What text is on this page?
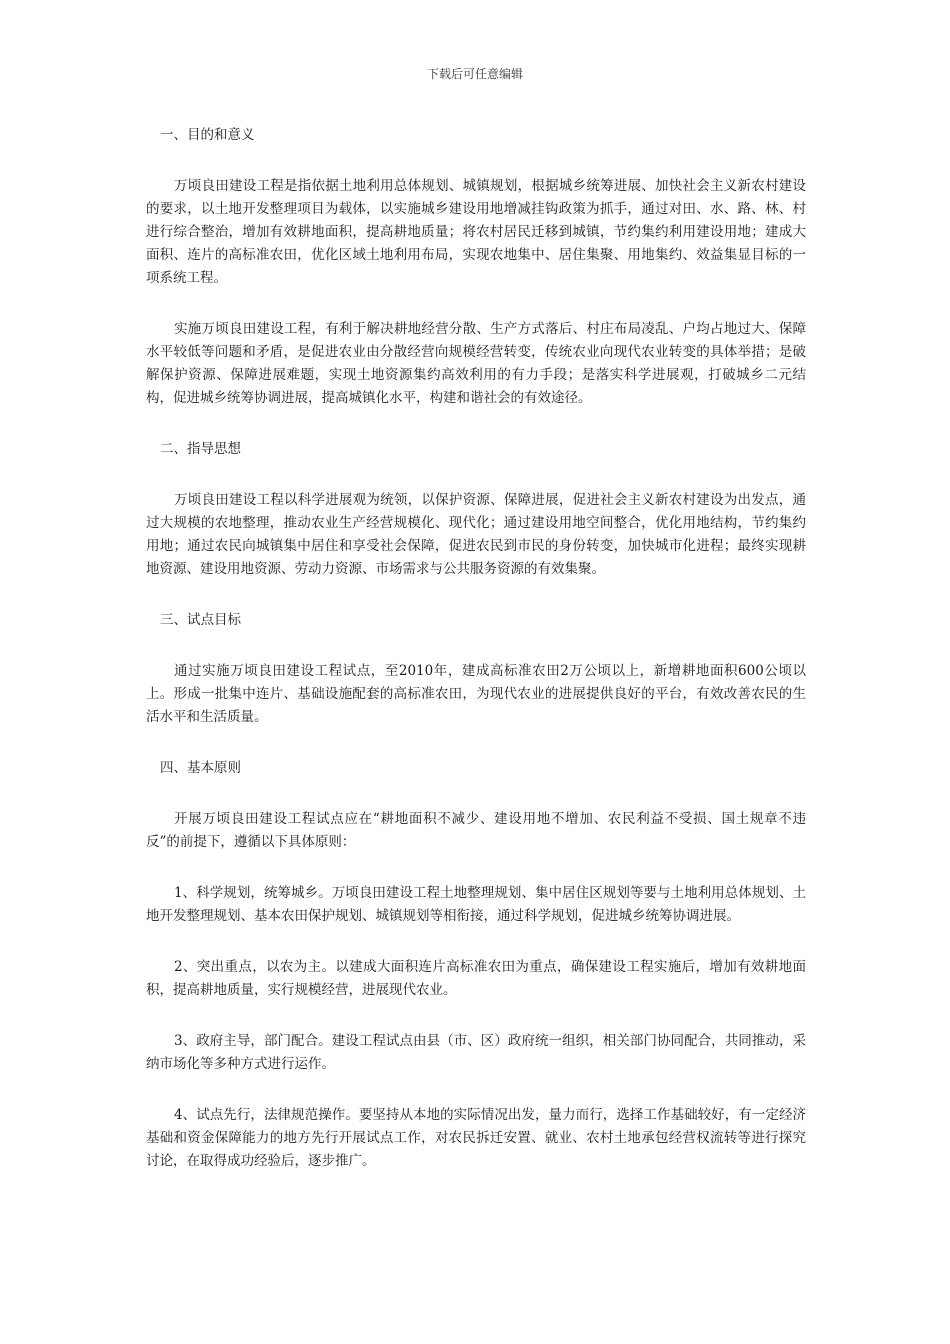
下载后可任意编辑
一、目的和意义

万顷良田建设工程是指依据土地利用总体规划、城镇规划，根据城乡统筹进展、加快社会主义新农村建设的要求，以土地开发整理项目为载体，以实施城乡建设用地增减挂钩政策为抓手，通过对田、水、路、林、村进行综合整治，增加有效耕地面积，提高耕地质量；将农村居民迁移到城镇，节约集约利用建设用地；建成大面积、连片的高标准农田，优化区域土地利用布局，实现农地集中、居住集聚、用地集约、效益集显目标的一项系统工程。

实施万顷良田建设工程，有利于解决耕地经营分散、生产方式落后、村庄布局凌乱、户均占地过大、保障水平较低等问题和矛盾，是促进农业由分散经营向规模经营转变，传统农业向现代农业转变的具体举措；是破解保护资源、保障进展难题，实现土地资源集约高效利用的有力手段；是落实科学进展观，打破城乡二元结构，促进城乡统筹协调进展，提高城镇化水平，构建和谐社会的有效途径。

二、指导思想

万顷良田建设工程以科学进展观为统领，以保护资源、保障进展，促进社会主义新农村建设为出发点，通过大规模的农地整理，推动农业生产经营规模化、现代化；通过建设用地空间整合，优化用地结构，节约集约用地；通过农民向城镇集中居住和享受社会保障，促进农民到市民的身份转变，加快城市化进程；最终实现耕地资源、建设用地资源、劳动力资源、市场需求与公共服务资源的有效集聚。

三、试点目标

通过实施万顷良田建设工程试点，至2010年，建成高标准农田2万公顷以上，新增耕地面积600公顷以上。形成一批集中连片、基础设施配套的高标准农田，为现代农业的进展提供良好的平台，有效改善农民的生活水平和生活质量。

四、基本原则

开展万顷良田建设工程试点应在“耕地面积不减少、建设用地不增加、农民利益不受损、国土规章不违反”的前提下，遵循以下具体原则：

1、科学规划，统筹城乡。万顷良田建设工程土地整理规划、集中居住区规划等要与土地利用总体规划、土地开发整理规划、基本农田保护规划、城镇规划等相衔接，通过科学规划，促进城乡统筹协调进展。

2、突出重点，以农为主。以建成大面积连片高标准农田为重点，确保建设工程实施后，增加有效耕地面积，提高耕地质量，实行规模经营，进展现代农业。

3、政府主导，部门配合。建设工程试点由县（市、区）政府统一组织，相关部门协同配合，共同推动，采纳市场化等多种方式进行运作。

4、试点先行，法律规范操作。要坚持从本地的实际情况出发，量力而行，选择工作基础较好，有一定经济基础和资金保障能力的地方先行开展试点工作，对农民拆迁安置、就业、农村土地承包经营权流转等进行探究讨论，在取得成功经验后，逐步推广。
